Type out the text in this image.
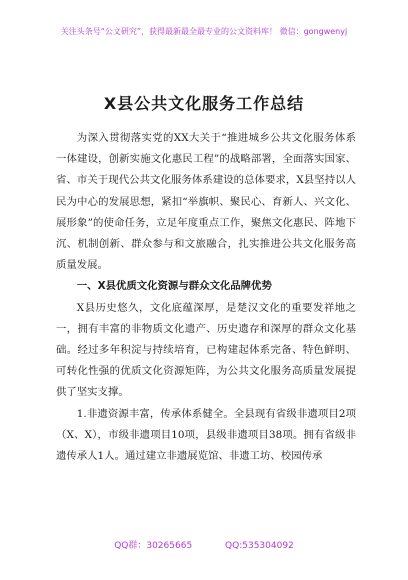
关注头条号“公文研究”，获得最新最全最专业的公文资料库！ 微信：gongwenyj
X县公共文化服务工作总结

为深入贯彻落实党的XX大关于“推进城乡公共文化服务体系一体建设，创新实施文化惠民工程”的战略部署，全面落实国家、省、市关于现代公共文化服务体系建设的总体要求，X县坚持以人民为中心的发展思想，紧扣“举旗帜、聚民心、育新人、兴文化、展形象”的使命任务，立足年度重点工作，聚焦文化惠民、阵地下沉、机制创新、群众参与和文旅融合，扎实推进公共文化服务高质量发展。

一、X县优质文化资源与群众文化品牌优势

X县历史悠久，文化底蕴深厚，是楚汉文化的重要发祥地之一，拥有丰富的非物质文化遗产、历史遗存和深厚的群众文化基础。经过多年积淀与持续培育，已构建起体系完备、特色鲜明、可转化性强的优质文化资源矩阵，为公共文化服务高质量发展提供了坚实支撑。

1.非遗资源丰富，传承体系健全。全县现有省级非遗项目2项（X、X），市级非遗项目10项，县级非遗项目38项。拥有省级非遗传承人1人。通过建立非遗展览馆、非遗工坊、校园传承

QQ群：30265665	QQ:535304092
